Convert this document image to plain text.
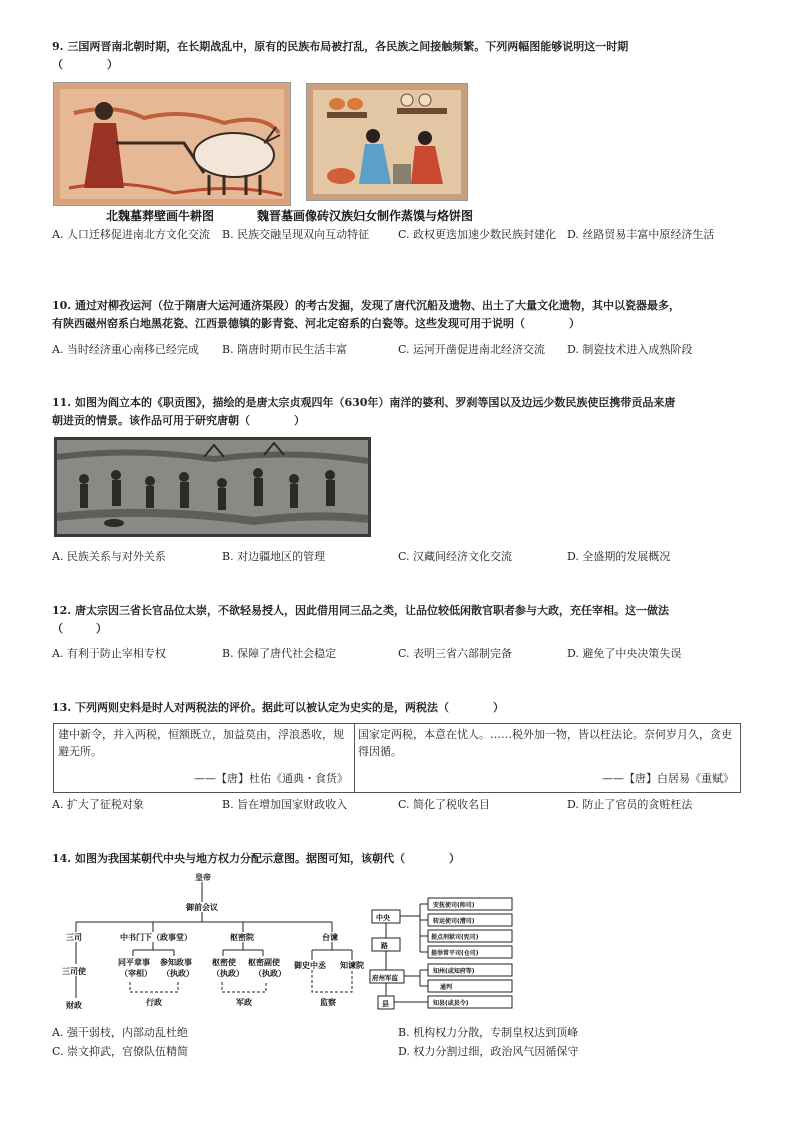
9. 三国两晋南北朝时期，在长期战乱中，原有的民族布局被打乱，各民族之间接触频繁。下列两幅图能够说明这一时期
（　　　　）
北魏墓葬壁画牛耕图	魏晋墓画像砖汉族妇女制作蒸馍与烙饼图
A. 人口迁移促进南北方文化交流	B. 民族交融呈现双向互动特征	C. 政权更迭加速少数民族封建化 D. 丝路贸易丰富中原经济生活
10. 通过对柳孜运河（位于隋唐大运河通济渠段）的考古发掘，发现了唐代沉船及遗物、出土了大量文化遗物，其中以瓷器最多，
有陕西磁州窑系白地黑花瓷、江西景德镇的影青瓷、河北定窑系的白瓷等。这些发现可用于说明（　　　　）
A. 当时经济重心南移已经完成 B. 隋唐时期市民生活丰富	C. 运河开凿促进南北经济交流 D. 制瓷技术进入成熟阶段
11. 如图为阎立本的《职贡图》，描绘的是唐太宗贞观四年（630年）南洋的婆利、罗刹等国以及边远少数民族使臣携带贡品来唐
朝进贡的情景。该作品可用于研究唐朝（　　　　）
A. 民族关系与对外关系	B. 对边疆地区的管理	C. 汉藏间经济文化交流	D. 全盛期的发展概况
12. 唐太宗因三省长官品位太崇，不欲轻易授人，因此借用同三品之类，让品位较低闲散官职者参与大政，充任宰相。这一做法
（　　　）
A. 有利于防止宰相专权	B. 保障了唐代社会稳定	C. 表明三省六部制完备	D. 避免了中央决策失误
13. 下列两则史料是时人对两税法的评价。据此可以被认定为史实的是，两税法（　　　　）
建中新令，并入两税，恒额既立，加益莫由，浮浪悉收，规避无所。
——【唐】杜佑《通典・食货》
国家定两税，本意在忧人。……税外加一物，皆以枉法论。奈何岁月久，贪吏得因循。
——【唐】白居易《重赋》
A. 扩大了征税对象	B. 旨在增加国家财政收入	C. 简化了税收名目	D. 防止了官员的贪赃枉法
14. 如图为我国某朝代中央与地方权力分配示意图。据图可知，该朝代（　　　　）
皇帝
御前会议
三司
三司使
财政
中书门下（政事堂）
同平章事
（宰相）
参知政事
（执政）
行政
枢密院
枢密使
（执政）
枢密副使
（执政）
军政
台谏
御史中丞 知谏院
监察
中央
路
府州军监
县
安抚使司(帅司)
转运使司(漕司)
提点刑狱司(宪司)
提举常平司(仓司)
知州(或知府等)
通判
知县(或县令)
A. 强干弱枝，内部动乱杜绝	B. 机构权力分散，专制皇权达到顶峰
C. 崇文抑武，官僚队伍精简	D. 权力分割过细，政治风气因循保守
